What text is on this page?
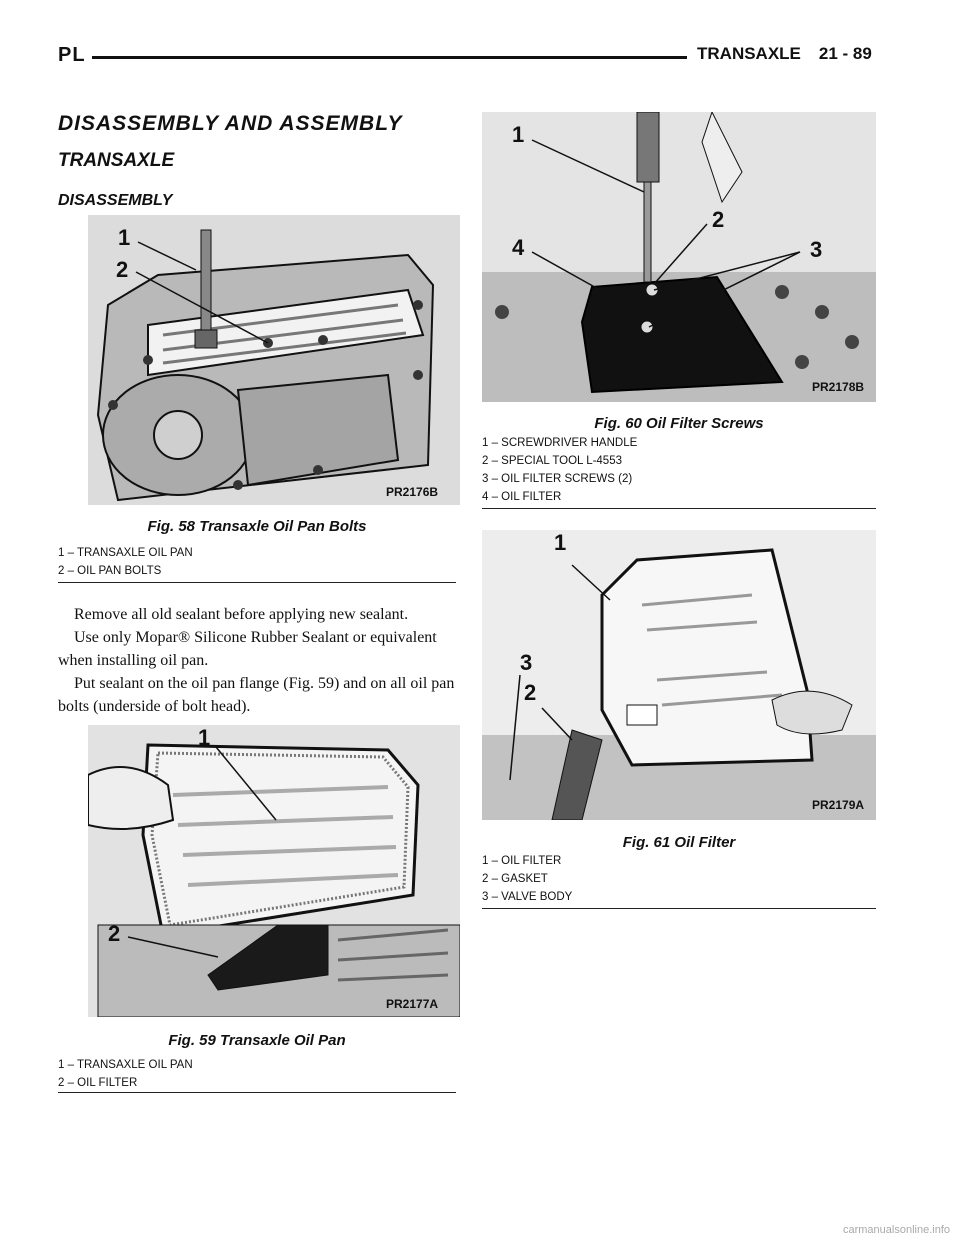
PL	TRANSAXLE 21 - 89
DISASSEMBLY AND ASSEMBLY
TRANSAXLE
DISASSEMBLY
1
2
PR2176B
Fig. 58 Transaxle Oil Pan Bolts
1 – TRANSAXLE OIL PAN
2 – OIL PAN BOLTS

Remove all old sealant before applying new sealant.

Use only Mopar® Silicone Rubber Sealant or equivalent when installing oil pan.

Put sealant on the oil pan flange (Fig. 59) and on all oil pan bolts (underside of bolt head).

1
2
PR2177A
Fig. 59 Transaxle Oil Pan
1 – TRANSAXLE OIL PAN
2 – OIL FILTER
1
2
3
4
PR2178B
Fig. 60 Oil Filter Screws
1 – SCREWDRIVER HANDLE
2 – SPECIAL TOOL L-4553
3 – OIL FILTER SCREWS (2)
4 – OIL FILTER
1
2
3
PR2179A
Fig. 61 Oil Filter
1 – OIL FILTER
2 – GASKET
3 – VALVE BODY
carmanualsonline.info
